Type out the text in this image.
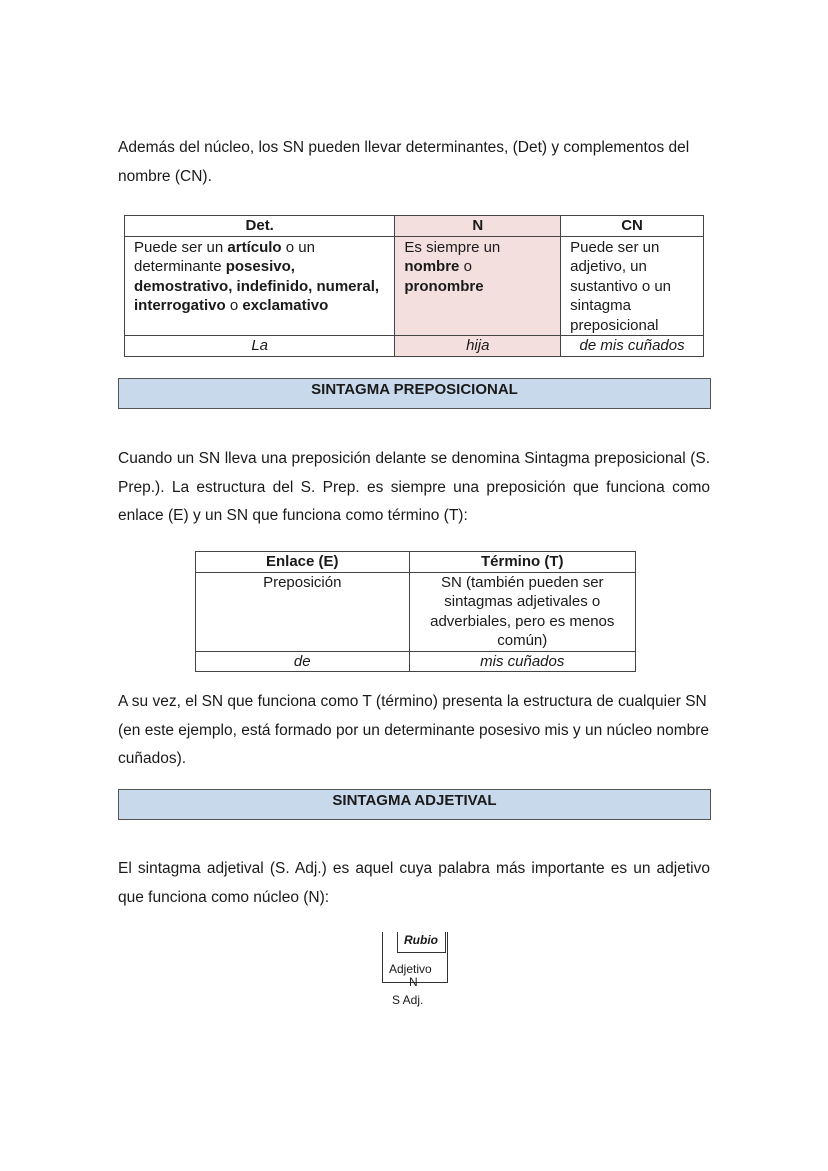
Además del núcleo, los SN pueden llevar determinantes, (Det) y complementos del nombre (CN).

Det.	N	CN
Puede ser un artículo o un determinante posesivo, demostrativo, indefinido, numeral, interrogativo o exclamativo	Es siempre un nombre o pronombre	Puede ser un adjetivo, un sustantivo o un sintagma preposicional
La	hija	de mis cuñados
SINTAGMA PREPOSICIONAL

Cuando un SN lleva una preposición delante se denomina Sintagma preposicional (S. Prep.). La estructura del S. Prep. es siempre una preposición que funciona como enlace (E) y un SN que funciona como término (T):

Enlace (E)	Término (T)
Preposición	SN (también pueden ser sintagmas adjetivales o adverbiales, pero es menos común)
de	mis cuñados

A su vez, el SN que funciona como T (término) presenta la estructura de cualquier SN (en este ejemplo, está formado por un determinante posesivo mis y un núcleo nombre cuñados).

SINTAGMA ADJETIVAL

El sintagma adjetival (S. Adj.) es aquel cuya palabra más importante es un adjetivo que funciona como núcleo (N):

Rubio
Adjetivo
N
S Adj.
